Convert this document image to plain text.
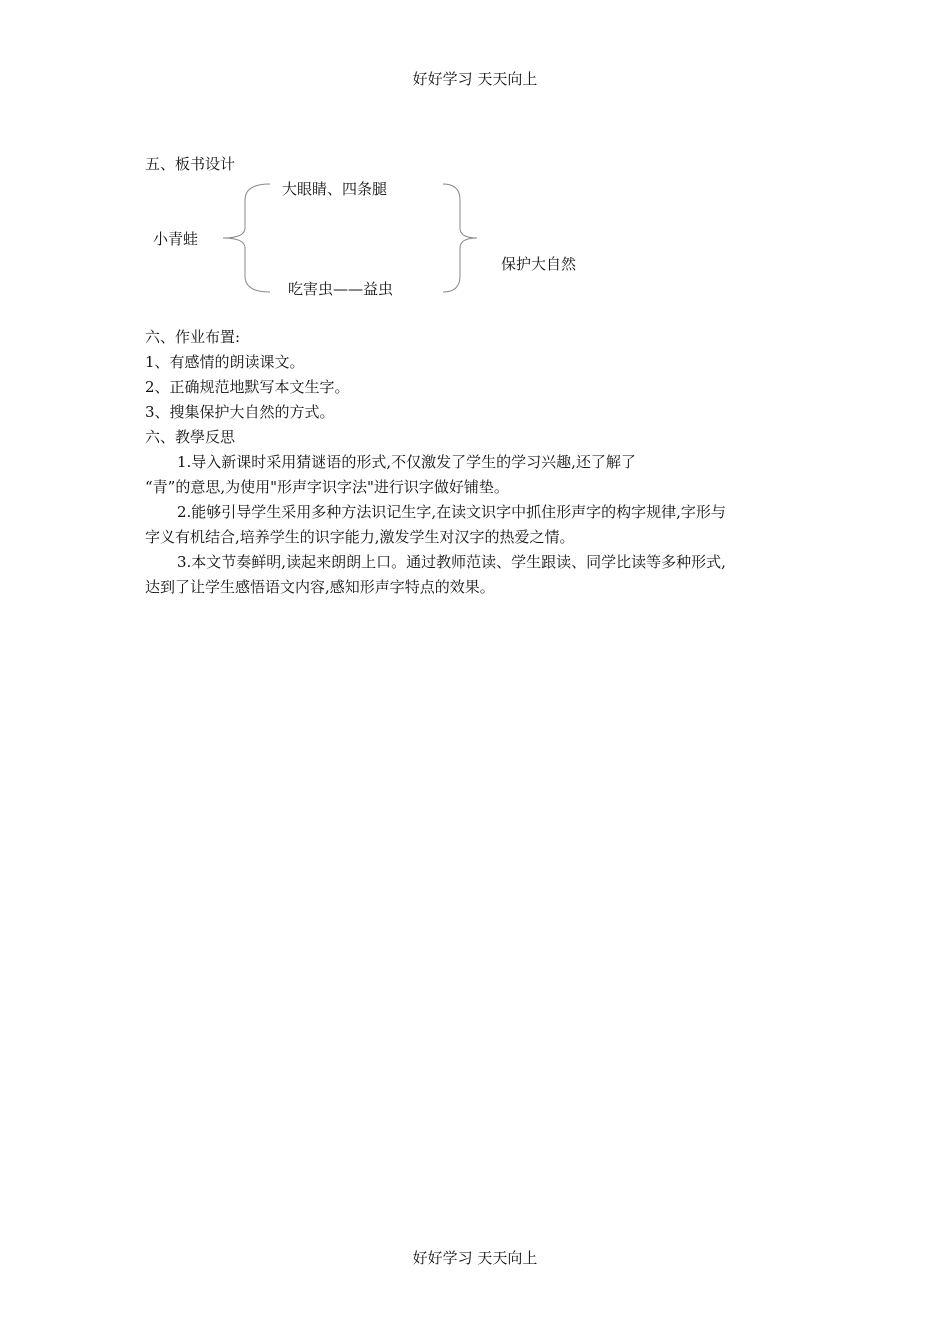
好好学习 天天向上
五、板书设计
小青蛙
大眼睛、四条腿
吃害虫——益虫
保护大自然
六、作业布置:
1、有感情的朗读课文。
2、正确规范地默写本文生字。
3、搜集保护大自然的方式。
六、教學反思
1.导入新课时采用猜谜语的形式,不仅激发了学生的学习兴趣,还了解了
“青”的意思,为使用"形声字识字法"进行识字做好铺垫。
2.能够引导学生采用多种方法识记生字,在读文识字中抓住形声字的构字规律,字形与
字义有机结合,培养学生的识字能力,激发学生对汉字的热爱之情。
3.本文节奏鲜明,读起来朗朗上口。通过教师范读、学生跟读、同学比读等多种形式,
达到了让学生感悟语文内容,感知形声字特点的效果。
好好学习 天天向上
